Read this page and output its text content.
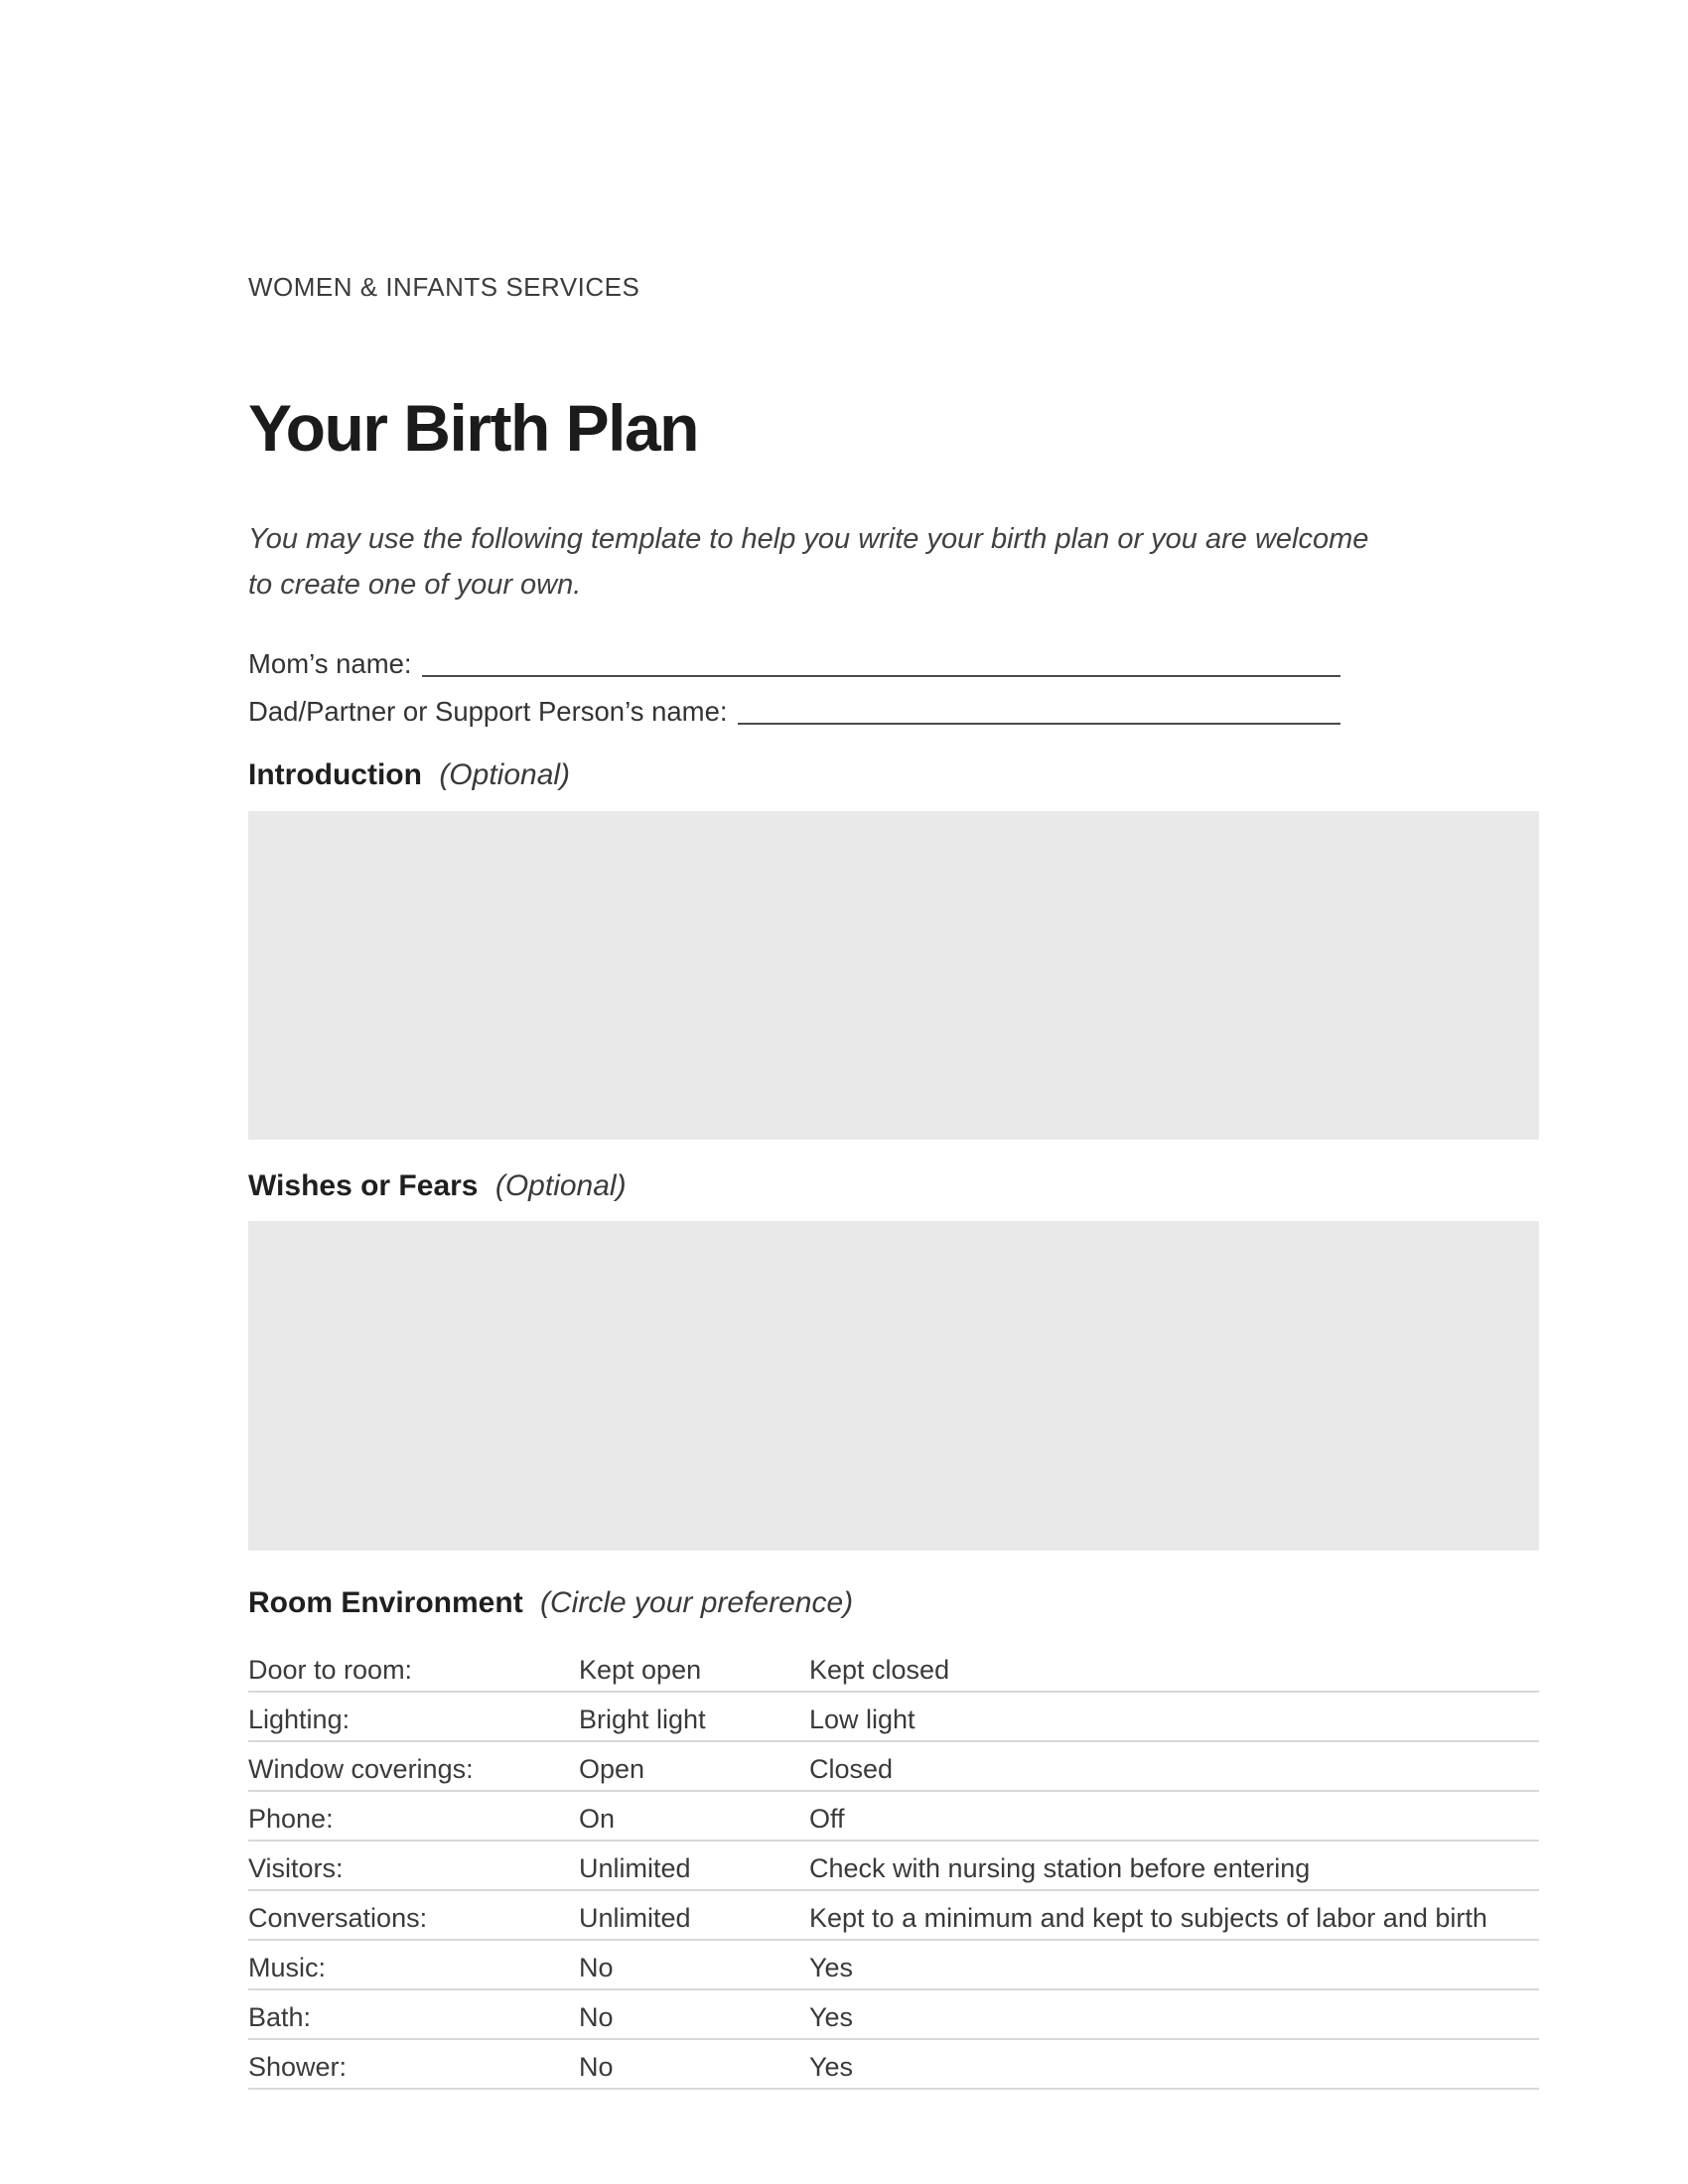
WOMEN & INFANTS SERVICES
Your Birth Plan
You may use the following template to help you write your birth plan or you are welcome
to create one of your own.
Mom’s name:
Dad/Partner or Support Person’s name:
Introduction (Optional)
Wishes or Fears (Optional)
Room Environment (Circle your preference)
Door to room:	Kept open	Kept closed
Lighting:	Bright light	Low light
Window coverings:	Open	Closed
Phone:	On	Off
Visitors:	Unlimited	Check with nursing station before entering
Conversations:	Unlimited	Kept to a minimum and kept to subjects of labor and birth
Music:	No	Yes
Bath:	No	Yes
Shower:	No	Yes
